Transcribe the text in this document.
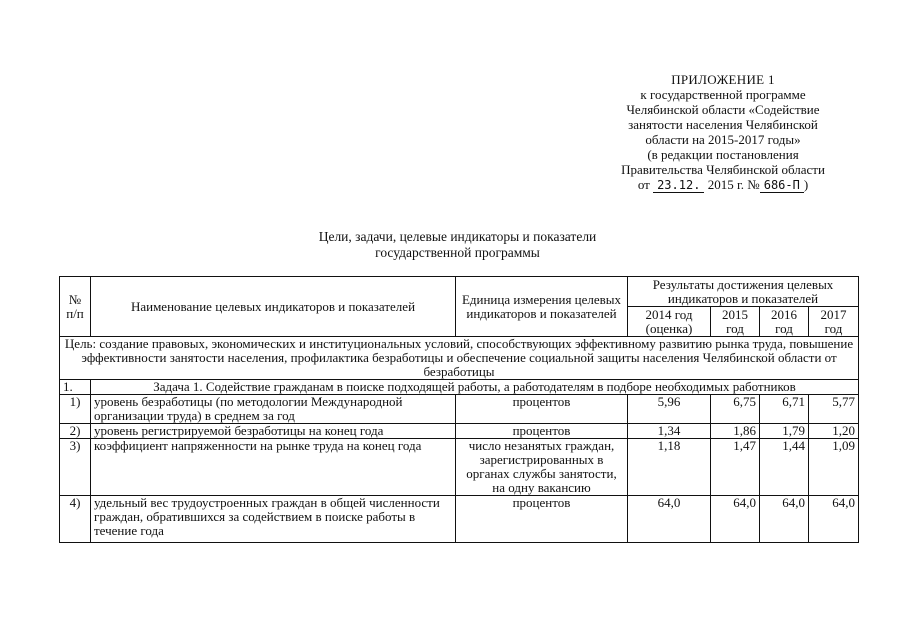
ПРИЛОЖЕНИЕ 1
к государственной программе
Челябинской области «Содействие
занятости населения Челябинской
области на 2015-2017 годы»
(в редакции постановления
Правительства Челябинской области
от 23.12. 2015 г. № 686-П )
Цели, задачи, целевые индикаторы и показатели
государственной программы
№ п/п	Наименование целевых индикаторов и показателей	Единица измерения целевых индикаторов и показателей	Результаты достижения целевых индикаторов и показателей			
			2014 год (оценка)	2015 год	2016 год	2017 год
Цель: создание правовых, экономических и институциональных условий, способствующих эффективному развитию рынка труда, повышение эффективности занятости населения, профилактика безработицы и обеспечение социальной защиты населения Челябинской области от безработицы						
1.	Задача 1. Содействие гражданам в поиске подходящей работы, а работодателям в подборе необходимых работников					
1)	уровень безработицы (по методологии Международной организации труда) в среднем за год	процентов	5,96	6,75	6,71	5,77
2)	уровень регистрируемой безработицы на конец года	процентов	1,34	1,86	1,79	1,20
3)	коэффициент напряженности на рынке труда на конец года	число незанятых граждан, зарегистрированных в органах службы занятости, на одну вакансию	1,18	1,47	1,44	1,09
4)	удельный вес трудоустроенных граждан в общей численности граждан, обратившихся за содействием в поиске работы в течение года	процентов	64,0	64,0	64,0	64,0
